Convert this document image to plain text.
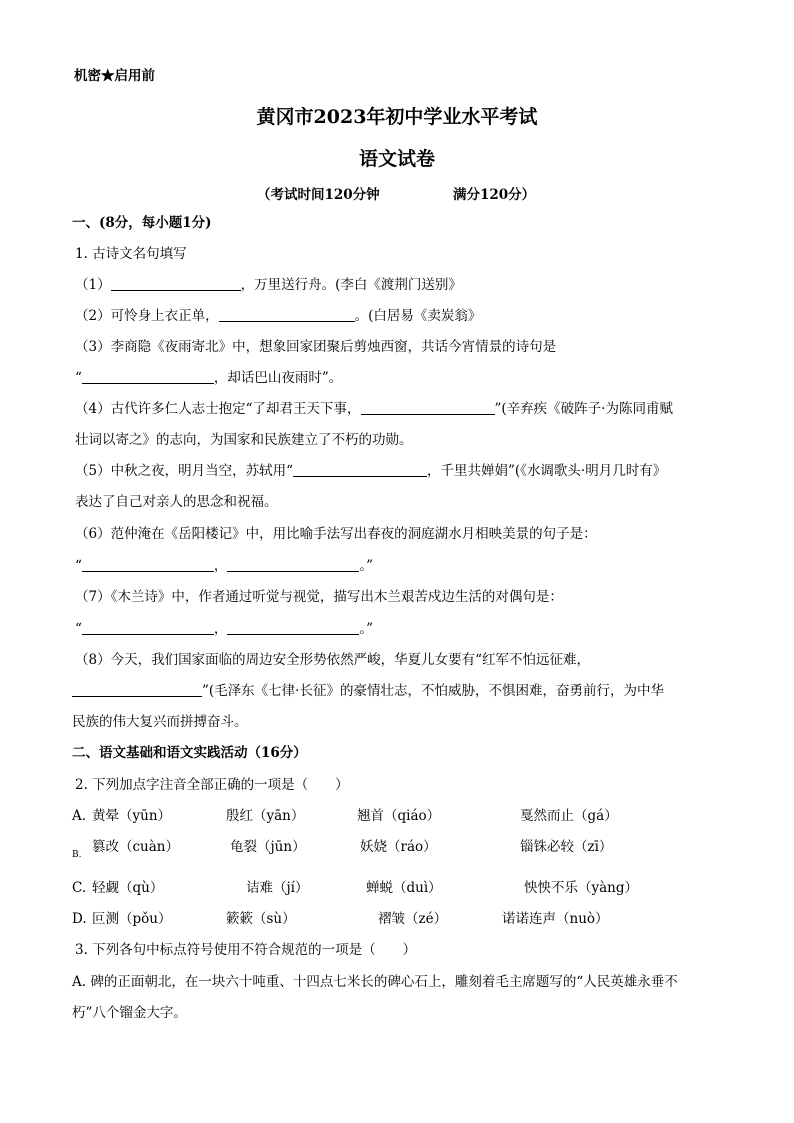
机密★启用前
黄冈市2023年初中学业水平考试
语文试卷
（考试时间120分钟	满分120分）
一、(8分，每小题1分)
1. 古诗文名句填写
（1）	，万里送行舟。(李白《渡荆门送别》
（2）可怜身上衣正单，	。(白居易《卖炭翁》
（3）李商隐《夜雨寄北》中，想象回家团聚后剪烛西窗，共话今宵情景的诗句是
“	，却话巴山夜雨时”。
（4）古代许多仁人志士抱定“了却君王天下事，	”(辛弃疾《破阵子·为陈同甫赋
壮词以寄之》的志向，为国家和民族建立了不朽的功勋。
（5）中秋之夜，明月当空，苏轼用“	，千里共婵娟”(《水调歌头·明月几时有》
表达了自己对亲人的思念和祝福。
（6）范仲淹在《岳阳楼记》中，用比喻手法写出春夜的洞庭湖水月相映美景的句子是：
“	，	。”
（7）《木兰诗》中，作者通过听觉与视觉，描写出木兰艰苦戍边生活的对偶句是：
“	，	。”
（8）今天，我们国家面临的周边安全形势依然严峻，华夏儿女要有“红军不怕远征难，
”(毛泽东《七律·长征》的豪情壮志，不怕威胁，不惧困难，奋勇前行，为中华
民族的伟大复兴而拼搏奋斗。
二、语文基础和语文实践活动（16分）
2. 下列加点字注音全部正确的一项是（　　）
A. 黄晕（yūn）	殷红（yān）	翘首（qiáo）	戛然而止（gá）
$_{B.}$ 篡改（cuàn）	龟裂（jūn）	妖娆（ráo）	锱铢必较（zī）
C. 轻觑（qù）	诘难（jí）	蝉蜕（duì）	怏怏不乐（yàng）
D. 叵测（pǒu）	簌簌（sù）	褶皱（zé）	诺诺连声（nuò）
3. 下列各句中标点符号使用不符合规范的一项是（　　）
A. 碑的正面朝北，在一块六十吨重、十四点七米长的碑心石上，雕刻着毛主席题写的“人民英雄永垂不
朽”八个镏金大字。
